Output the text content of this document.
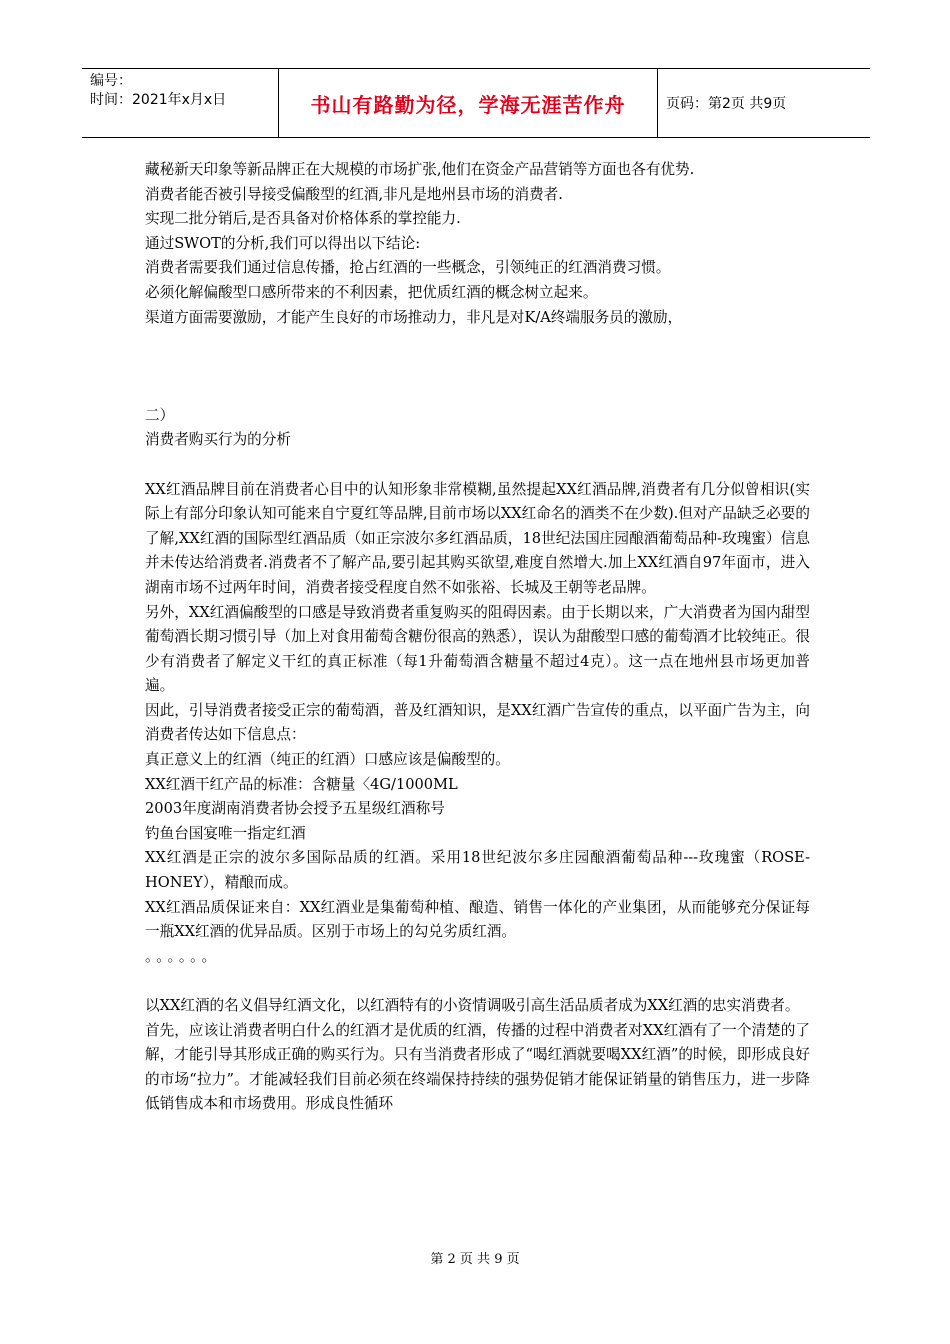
编号：
时间：2021年x月x日	书山有路勤为径，学海无涯苦作舟	页码：第2页 共9页

藏秘新天印象等新品牌正在大规模的市场扩张,他们在资金产品营销等方面也各有优势.

消费者能否被引导接受偏酸型的红酒,非凡是地州县市场的消费者.

实现二批分销后,是否具备对价格体系的掌控能力.

通过SWOT的分析,我们可以得出以下结论:

消费者需要我们通过信息传播，抢占红酒的一些概念，引领纯正的红酒消费习惯。

必须化解偏酸型口感所带来的不利因素，把优质红酒的概念树立起来。

渠道方面需要激励，才能产生良好的市场推动力，非凡是对K/A终端服务员的激励，

二）

消费者购买行为的分析

XX红酒品牌目前在消费者心目中的认知形象非常模糊,虽然提起XX红酒品牌,消费者有几分似曾相识(实际上有部分印象认知可能来自宁夏红等品牌,目前市场以XX红命名的酒类不在少数).但对产品缺乏必要的了解,XX红酒的国际型红酒品质（如正宗波尔多红酒品质，18世纪法国庄园酿酒葡萄品种-玫瑰蜜）信息并未传达给消费者.消费者不了解产品,要引起其购买欲望,难度自然增大.加上XX红酒自97年面市，进入湖南市场不过两年时间，消费者接受程度自然不如张裕、长城及王朝等老品牌。

另外，XX红酒偏酸型的口感是导致消费者重复购买的阻碍因素。由于长期以来，广大消费者为国内甜型葡萄酒长期习惯引导（加上对食用葡萄含糖份很高的熟悉），误认为甜酸型口感的葡萄酒才比较纯正。很少有消费者了解定义干红的真正标准（每1升葡萄酒含糖量不超过4克）。这一点在地州县市场更加普遍。

因此，引导消费者接受正宗的葡萄酒，普及红酒知识，是XX红酒广告宣传的重点，以平面广告为主，向消费者传达如下信息点：

真正意义上的红酒（纯正的红酒）口感应该是偏酸型的。

XX红酒干红产品的标准：含糖量〈4G/1000ML

2003年度湖南消费者协会授予五星级红酒称号

钓鱼台国宴唯一指定红酒

XX红酒是正宗的波尔多国际品质的红酒。采用18世纪波尔多庄园酿酒葡萄品种---玫瑰蜜（ROSE-HONEY），精酿而成。

XX红酒品质保证来自：XX红酒业是集葡萄种植、酿造、销售一体化的产业集团，从而能够充分保证每一瓶XX红酒的优异品质。区别于市场上的勾兑劣质红酒。

。。。。。。

以XX红酒的名义倡导红酒文化，以红酒特有的小资情调吸引高生活品质者成为XX红酒的忠实消费者。

首先，应该让消费者明白什么的红酒才是优质的红酒，传播的过程中消费者对XX红酒有了一个清楚的了解，才能引导其形成正确的购买行为。只有当消费者形成了“喝红酒就要喝XX红酒”的时候，即形成良好的市场“拉力”。才能减轻我们目前必须在终端保持持续的强势促销才能保证销量的销售压力，进一步降低销售成本和市场费用。形成良性循环

第 2 页 共 9 页
